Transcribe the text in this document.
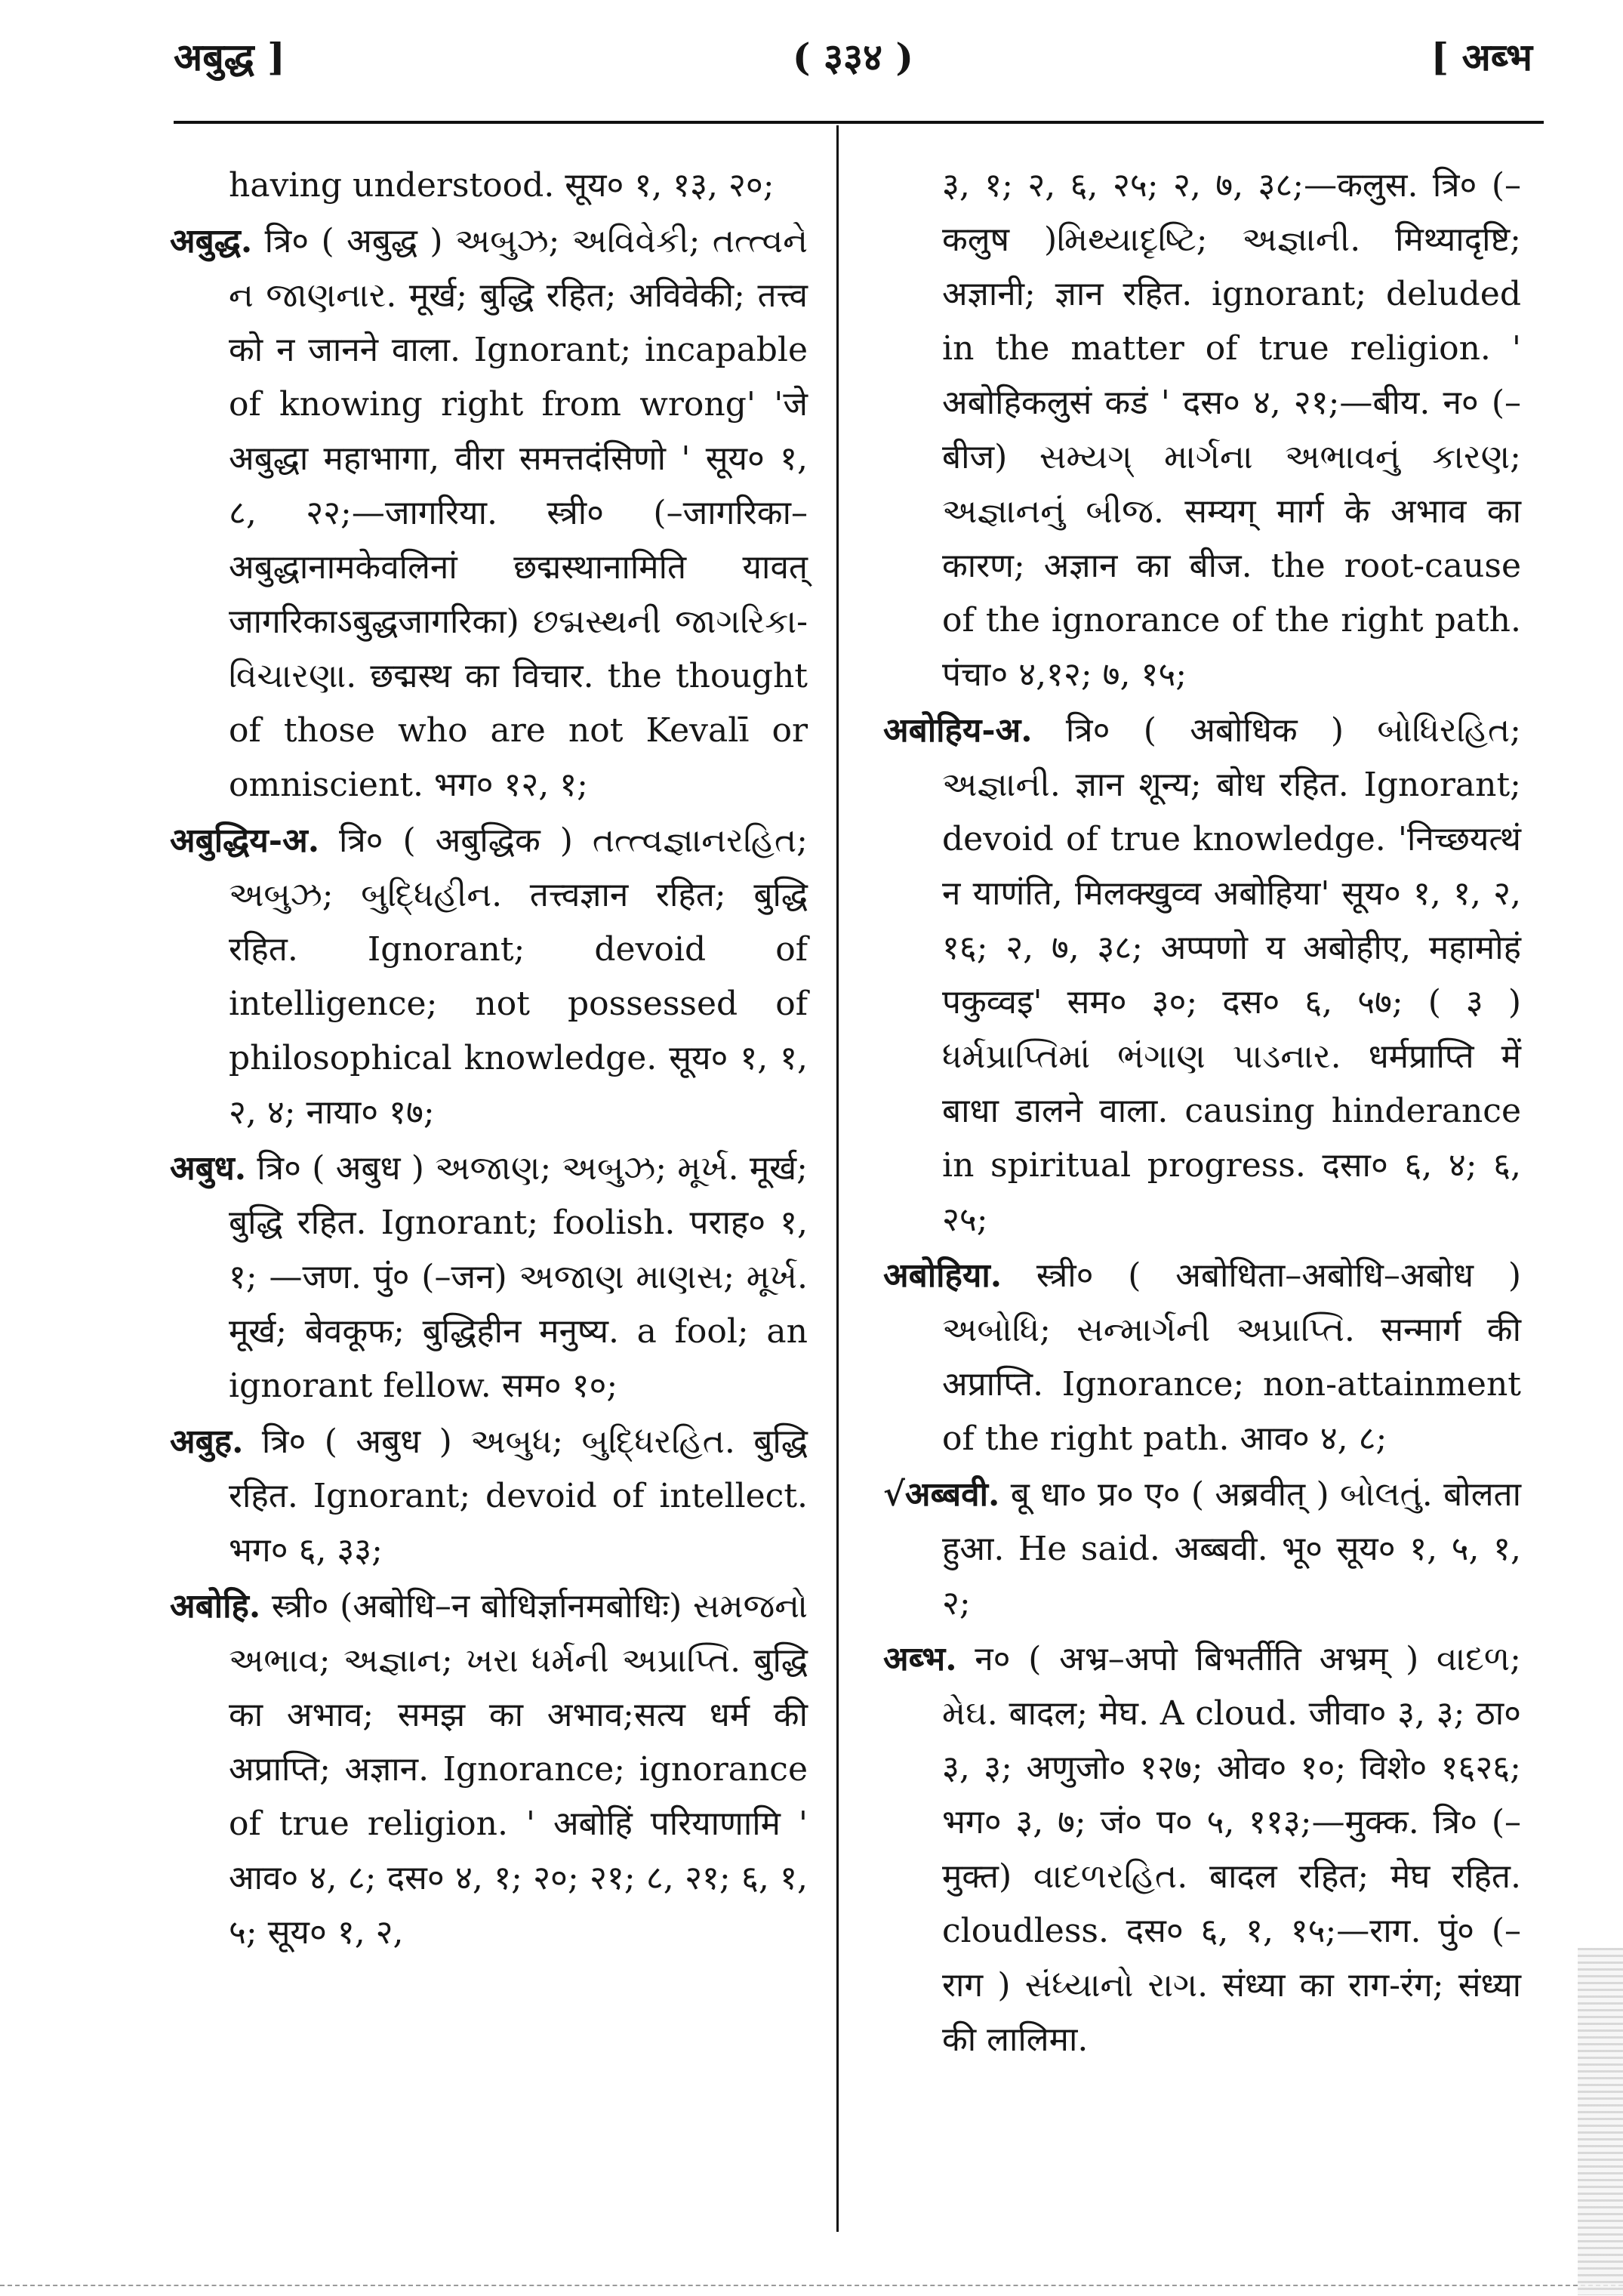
अबुद्ध ]	( ३३४ )	[ अब्भ

having understood. सूय० १, १३, २०;

अबुद्ध. त्रि० ( अबुद्ध ) અબુઝ; અવિવેકી; તત્ત્વને ન જાણનાર. मूर्ख; बुद्धि रहित; अविवेकी; तत्त्व को न जानने वाला. Ignorant; incapable of knowing right from wrong' 'जे अबुद्धा महाभागा, वीरा समत्तदंसिणो ' सूय० १, ८, २२;—जागरिया. स्त्री० (–जागरिका–अबुद्धानामकेवलिनां छद्मस्थानामिति यावत् जागरिकाऽबुद्धजागरिका) છદ્મસ્થની જાગરિકા-વિચારણા. छद्मस्थ का विचार. the thought of those who are not Kevalī or omniscient. भग० १२, १;

अबुद्धिय-अ. त्रि० ( अबुद्धिक ) તત્ત્વજ્ઞાનરહિત; અબુઝ; બુદ્ધિહીન. तत्त्वज्ञान रहित; बुद्धि रहित. Ignorant; devoid of intelligence; not possessed of philosophical knowledge. सूय० १, १, २, ४; नाया० १७;

अबुध. त्रि० ( अबुध ) અજાણ; અબુઝ; મૂર્ખ. मूर्ख; बुद्धि रहित. Ignorant; foolish. पराह० १, १; —जण. पुं० (–जन) અજાણ માણસ; મૂર્ખ. मूर्ख; बेवकूफ; बुद्धिहीन मनुष्य. a fool; an ignorant fellow. सम० १०;

अबुह. त्रि० ( अबुध ) અબુધ; બુદ્ધિરહિત. बुद्धि रहित. Ignorant; devoid of intellect. भग० ६, ३३;

अबोहि. स्त्री० (अबोधि–न बोधिर्ज्ञानमबोधिः) સમજનો અભાવ; અજ્ઞાન; ખરા ધર્મની અપ્રાપ્તિ. बुद्धि का अभाव; समझ का अभाव;सत्य धर्म की अप्राप्ति; अज्ञान. Ignorance; ignorance of true religion. ' अबोहिं परियाणामि ' आव० ४, ८; दस० ४, १; २०; २१; ८, २१; ६, १, ५; सूय० १, २,

३, १; २, ६, २५; २, ७, ३८;—कलुस. त्रि० (–कलुष )મિથ્યાદૃષ્ટિ; અજ્ઞાની. मिथ्यादृष्टि; अज्ञानी; ज्ञान रहित. ignorant; deluded in the matter of true religion. ' अबोहिकलुसं कडं ' दस० ४, २१;—बीय. न० (–बीज) સમ્યગ્ માર્ગના અભાવનું કારણ; અજ્ઞાનનું બીજ. सम्यग् मार्ग के अभाव का कारण; अज्ञान का बीज. the root-cause of the ignorance of the right path. पंचा० ४,१२; ७, १५;

अबोहिय-अ. त्रि० ( अबोधिक ) બોધિરહિત; અજ્ઞાની. ज्ञान शून्य; बोध रहित. Ignorant; devoid of true knowledge. 'निच्छयत्थं न याणंति, मिलक्खुव्व अबोहिया' सूय० १, १, २, १६; २, ७, ३८; अप्पणो य अबोहीए, महामोहं पकुव्वइ' सम० ३०; दस० ६, ५७; ( ३ ) ધર્મપ્રાપ્તિમાં ભંગાણ પાડનાર. धर्मप्राप्ति में बाधा डालने वाला. causing hinderance in spiritual progress. दसा० ६, ४; ६, २५;

अबोहिया. स्त्री० ( अबोधिता–अबोधि–अबोध ) અબોધિ; સન્માર્ગની અપ્રાપ્તિ. सन्मार्ग की अप्राप्ति. Ignorance; non-attainment of the right path. आव० ४, ८;

√अब्बवी. बू धा० प्र० ए० ( अब्रवीत् ) બોલતું. बोलता हुआ. He said. अब्बवी. भू० सूय० १, ५, १, २;

अब्भ. न० ( अभ्र–अपो बिभर्तीति अभ्रम् ) વાદળ; મેઘ. बादल; मेघ. A cloud. जीवा० ३, ३; ठा० ३, ३; अणुजो० १२७; ओव० १०; विशे० १६२६; भग० ३, ७; जं० प० ५, ११३;—मुक्क. त्रि० (–मुक्त) વાદળરહિત. बादल रहित; मेघ रहित. cloudless. दस० ६, १, १५;—राग. पुं० (–राग ) સંધ્યાનો રાગ. संध्या का राग-रंग; संध्या की लालिमा.
